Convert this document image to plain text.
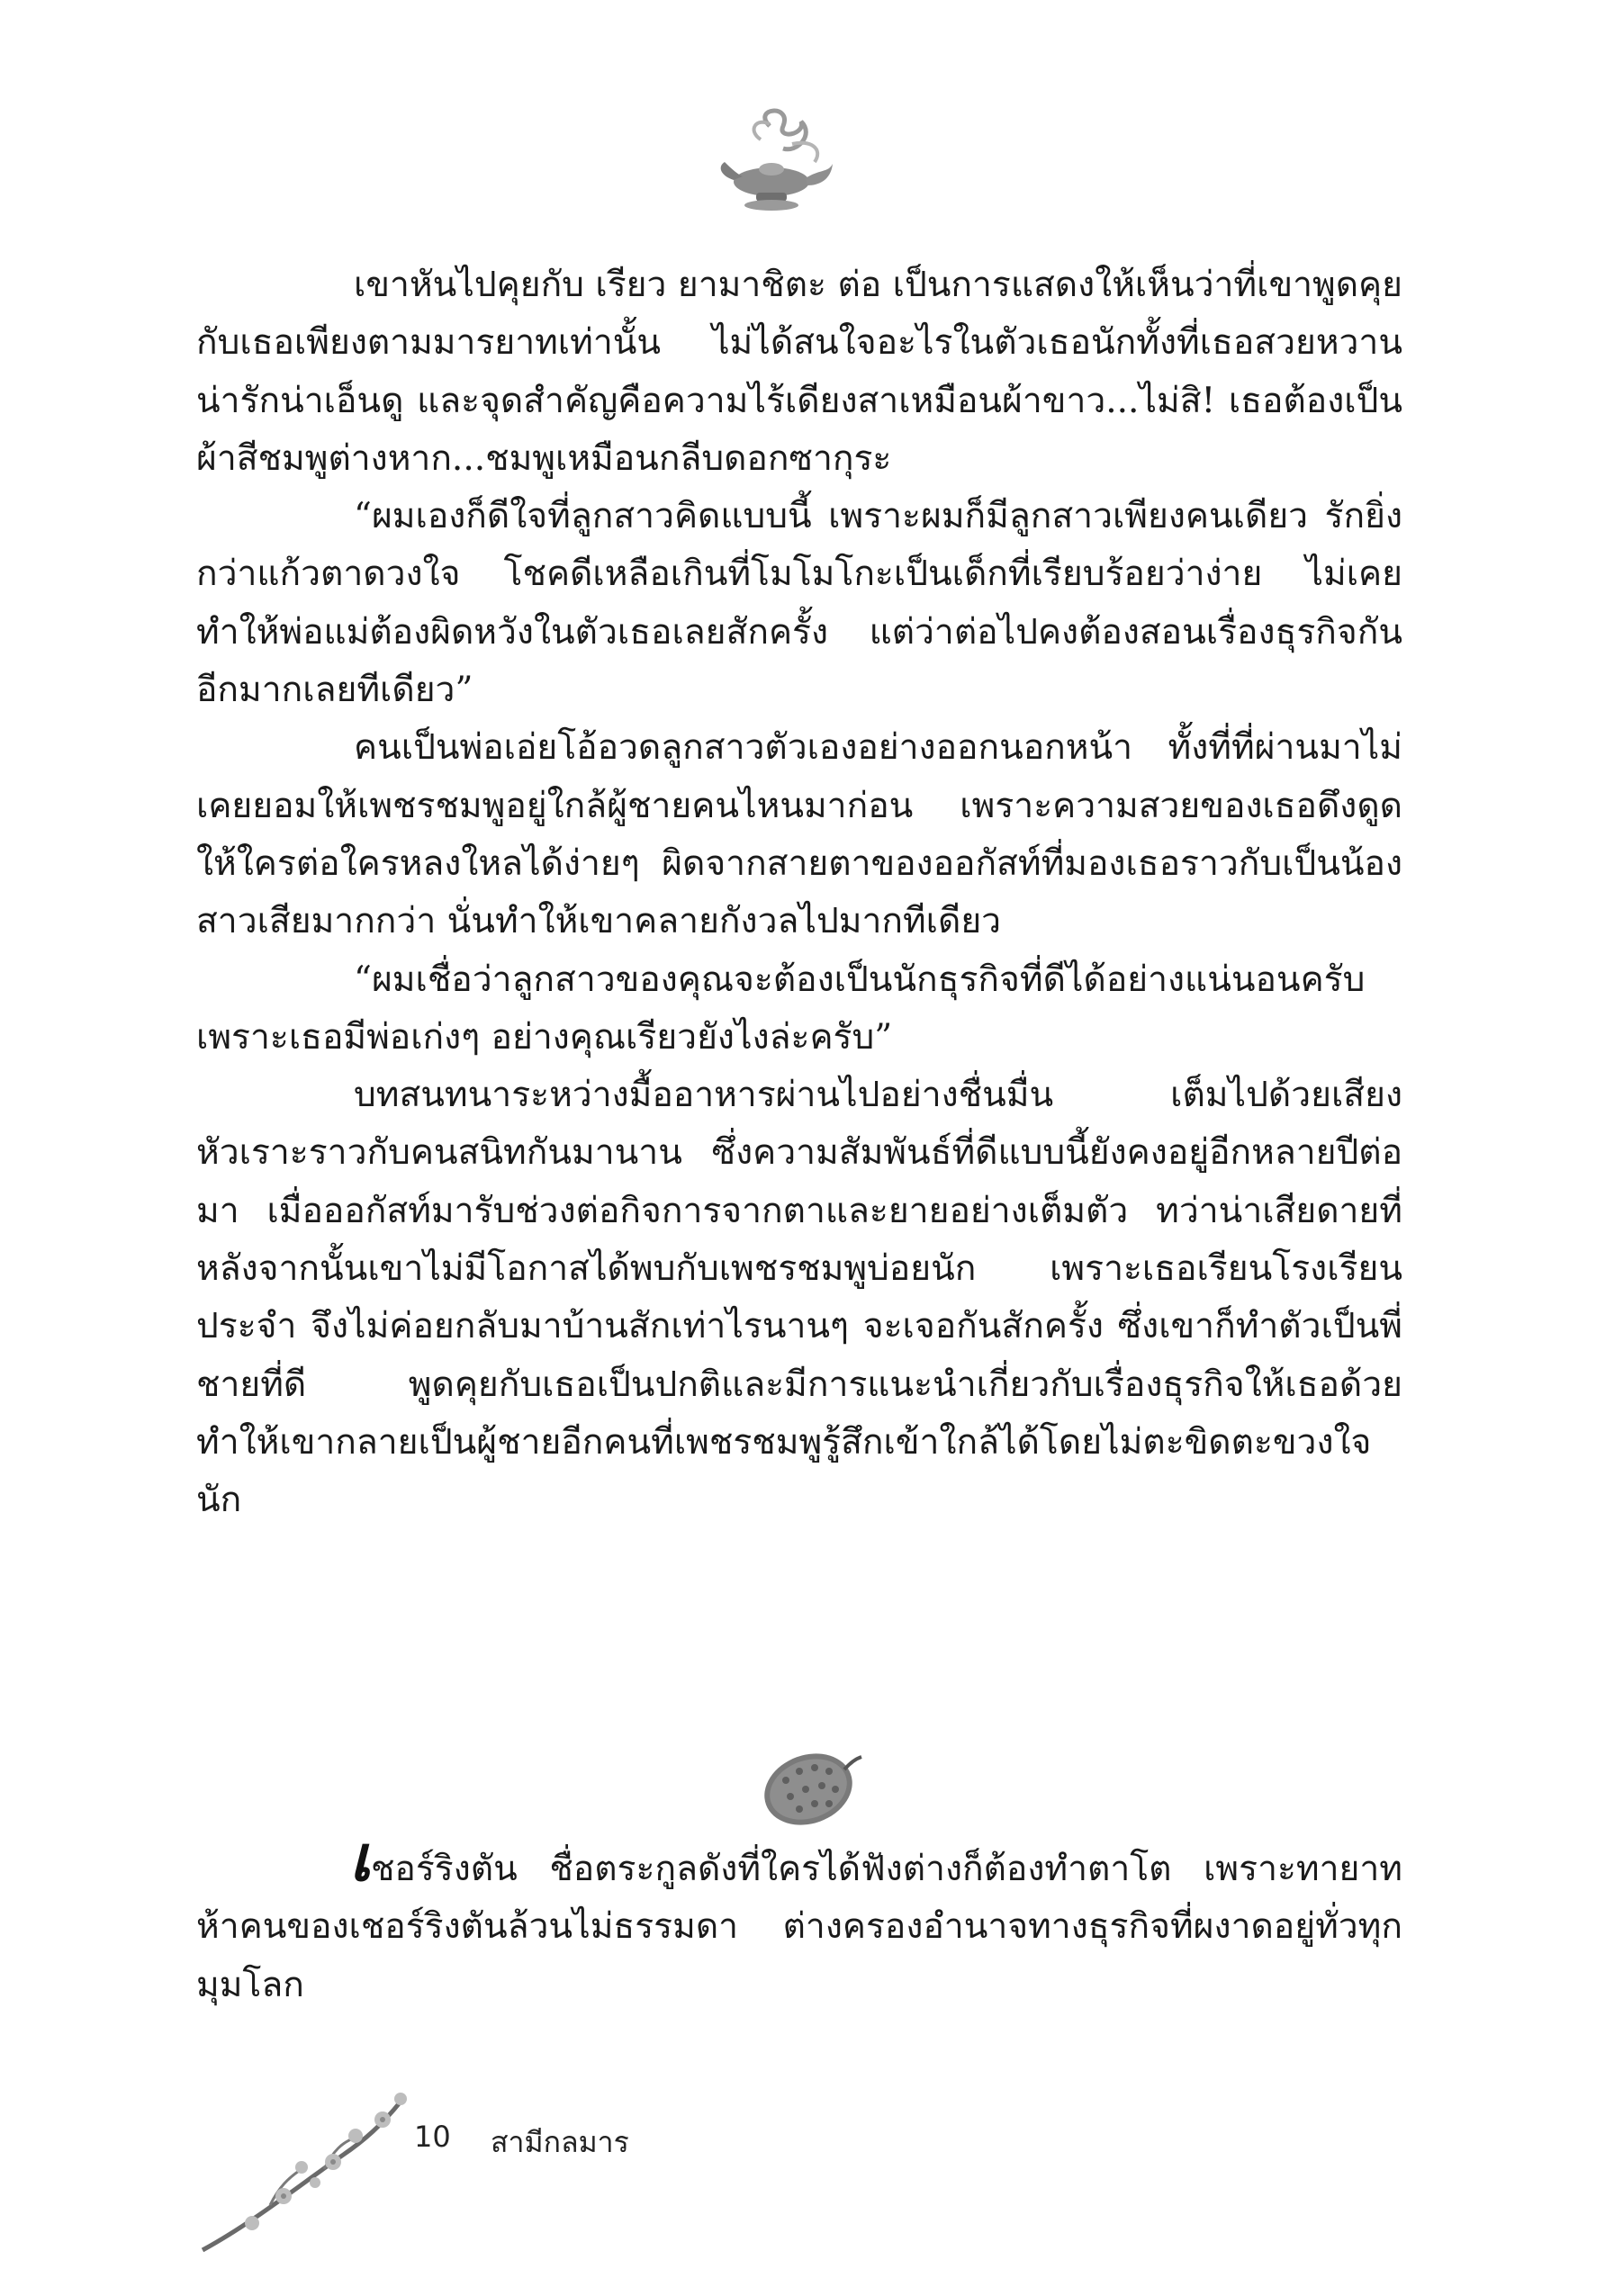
เขาหันไปคุยกับ เรียว ยามาชิตะ ต่อ เป็นการแสดงให้เห็นว่าที่เขาพูดคุยกับเธอเพียงตามมารยาทเท่านั้น ไม่ได้สนใจอะไรในตัวเธอนักทั้งที่เธอสวยหวาน น่ารักน่าเอ็นดู และจุดสำคัญคือความไร้เดียงสาเหมือนผ้าขาว...ไม่สิ! เธอต้องเป็นผ้าสีชมพูต่างหาก...ชมพูเหมือนกลีบดอกซากุระ

“ผมเองก็ดีใจที่ลูกสาวคิดแบบนี้ เพราะผมก็มีลูกสาวเพียงคนเดียว รักยิ่งกว่าแก้วตาดวงใจ โชคดีเหลือเกินที่โมโมโกะเป็นเด็กที่เรียบร้อยว่าง่าย ไม่เคยทำให้พ่อแม่ต้องผิดหวังในตัวเธอเลยสักครั้ง แต่ว่าต่อไปคงต้องสอนเรื่องธุรกิจกันอีกมากเลยทีเดียว”

คนเป็นพ่อเอ่ยโอ้อวดลูกสาวตัวเองอย่างออกนอกหน้า ทั้งที่ที่ผ่านมาไม่เคยยอมให้เพชรชมพูอยู่ใกล้ผู้ชายคนไหนมาก่อน เพราะความสวยของเธอดึงดูดให้ใครต่อใครหลงใหลได้ง่ายๆ ผิดจากสายตาของออกัสท์ที่มองเธอราวกับเป็นน้องสาวเสียมากกว่า นั่นทำให้เขาคลายกังวลไปมากทีเดียว

“ผมเชื่อว่าลูกสาวของคุณจะต้องเป็นนักธุรกิจที่ดีได้อย่างแน่นอนครับ เพราะเธอมีพ่อเก่งๆ อย่างคุณเรียวยังไงล่ะครับ”

บทสนทนาระหว่างมื้ออาหารผ่านไปอย่างชื่นมื่น เต็มไปด้วยเสียงหัวเราะราวกับคนสนิทกันมานาน ซึ่งความสัมพันธ์ที่ดีแบบนี้ยังคงอยู่อีกหลายปีต่อมา เมื่อออกัสท์มารับช่วงต่อกิจการจากตาและยายอย่างเต็มตัว ทว่าน่าเสียดายที่หลังจากนั้นเขาไม่มีโอกาสได้พบกับเพชรชมพูบ่อยนัก เพราะเธอเรียนโรงเรียนประจำ จึงไม่ค่อยกลับมาบ้านสักเท่าไรนานๆ จะเจอกันสักครั้ง ซึ่งเขาก็ทำตัวเป็นพี่ชายที่ดี พูดคุยกับเธอเป็นปกติและมีการแนะนำเกี่ยวกับเรื่องธุรกิจให้เธอด้วย ทำให้เขากลายเป็นผู้ชายอีกคนที่เพชรชมพูรู้สึกเข้าใกล้ได้โดยไม่ตะขิดตะขวงใจนัก

เชอร์ริงตัน ชื่อตระกูลดังที่ใครได้ฟังต่างก็ต้องทำตาโต เพราะทายาทห้าคนของเชอร์ริงตันล้วนไม่ธรรมดา ต่างครองอำนาจทางธุรกิจที่ผงาดอยู่ทั่วทุกมุมโลก

10 สามีกลมาร
